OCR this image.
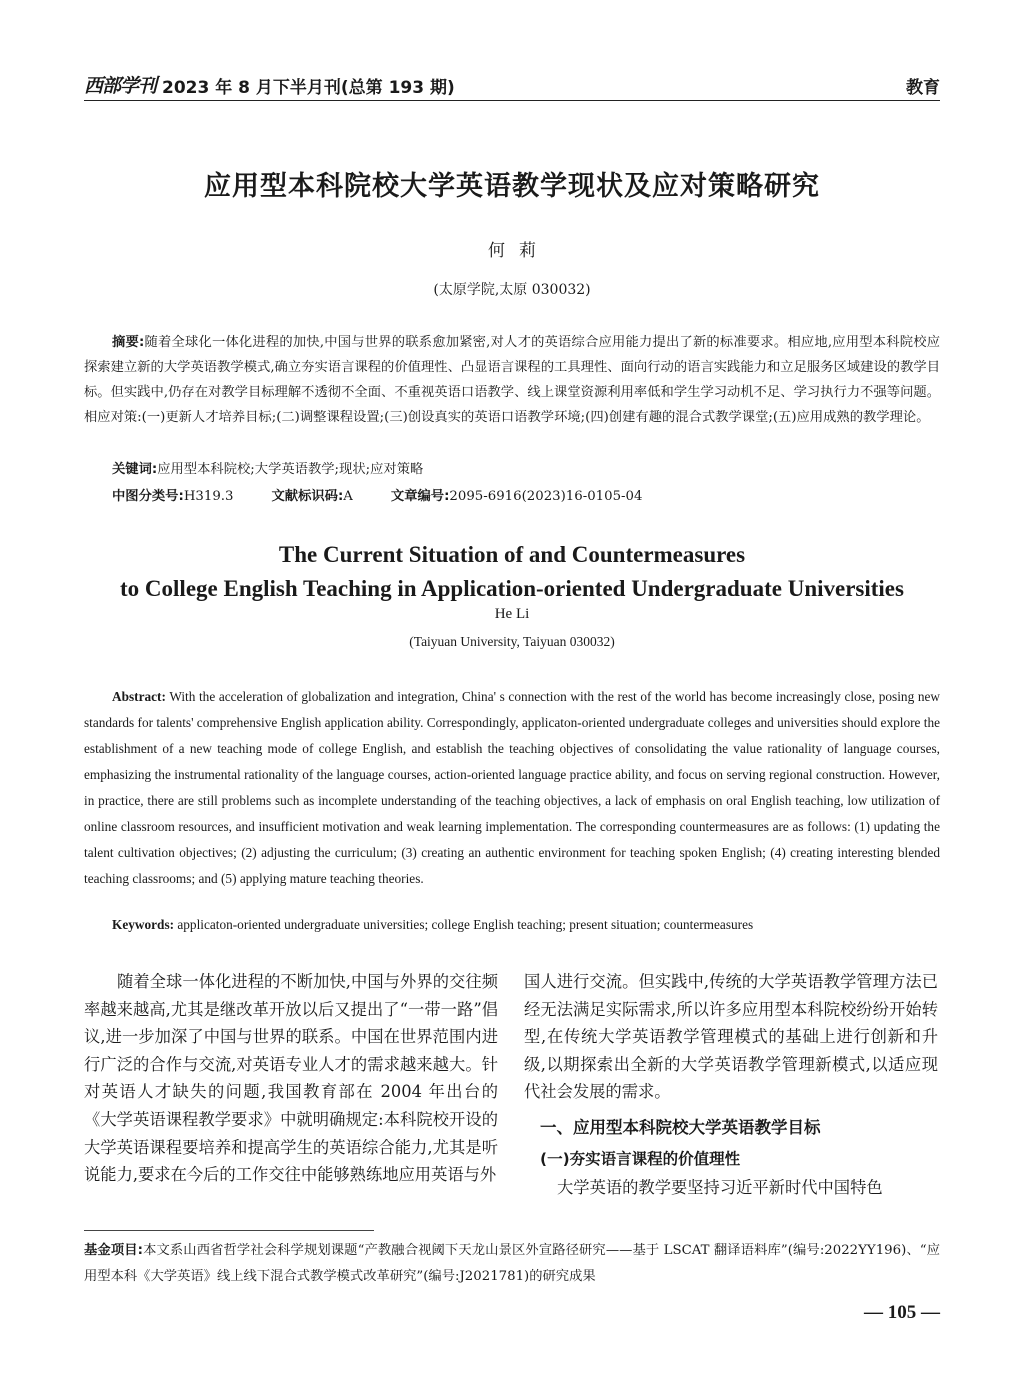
西部学刊 2023 年 8 月下半月刊(总第 193 期)	教育
应用型本科院校大学英语教学现状及应对策略研究
何莉
(太原学院,太原 030032)
摘要:随着全球化一体化进程的加快,中国与世界的联系愈加紧密,对人才的英语综合应用能力提出了新的标准要求。相应地,应用型本科院校应探索建立新的大学英语教学模式,确立夯实语言课程的价值理性、凸显语言课程的工具理性、面向行动的语言实践能力和立足服务区域建设的教学目标。但实践中,仍存在对教学目标理解不透彻不全面、不重视英语口语教学、线上课堂资源利用率低和学生学习动机不足、学习执行力不强等问题。相应对策:(一)更新人才培养目标;(二)调整课程设置;(三)创设真实的英语口语教学环境;(四)创建有趣的混合式教学课堂;(五)应用成熟的教学理论。
关键词:应用型本科院校;大学英语教学;现状;应对策略
中图分类号:H319.3	文献标识码:A	文章编号:2095-6916(2023)16-0105-04
The Current Situation of and Countermeasures
to College English Teaching in Application-oriented Undergraduate Universities
He Li
(Taiyuan University, Taiyuan 030032)
Abstract: With the acceleration of globalization and integration, China' s connection with the rest of the world has become increasingly close, posing new standards for talents' comprehensive English application ability. Correspondingly, applicaton-oriented undergraduate colleges and universities should explore the establishment of a new teaching mode of college English, and establish the teaching objectives of consolidating the value rationality of language courses, emphasizing the instrumental rationality of the language courses, action-oriented language practice ability, and focus on serving regional construction. However, in practice, there are still problems such as incomplete understanding of the teaching objectives, a lack of emphasis on oral English teaching, low utilization of online classroom resources, and insufficient motivation and weak learning implementation. The corresponding countermeasures are as follows: (1) updating the talent cultivation objectives; (2) adjusting the curriculum; (3) creating an authentic environment for teaching spoken English; (4) creating interesting blended teaching classrooms; and (5) applying mature teaching theories.
Keywords: applicaton-oriented undergraduate universities; college English teaching; present situation; countermeasures

随着全球一体化进程的不断加快,中国与外界的交往频率越来越高,尤其是继改革开放以后又提出了“一带一路”倡议,进一步加深了中国与世界的联系。中国在世界范围内进行广泛的合作与交流,对英语专业人才的需求越来越大。针对英语人才缺失的问题,我国教育部在 2004 年出台的《大学英语课程教学要求》中就明确规定:本科院校开设的大学英语课程要培养和提高学生的英语综合能力,尤其是听说能力,要求在今后的工作交往中能够熟练地应用英语与外

国人进行交流。但实践中,传统的大学英语教学管理方法已经无法满足实际需求,所以许多应用型本科院校纷纷开始转型,在传统大学英语教学管理模式的基础上进行创新和升级,以期探索出全新的大学英语教学管理新模式,以适应现代社会发展的需求。

一、应用型本科院校大学英语教学目标
(一)夯实语言课程的价值理性

大学英语的教学要坚持习近平新时代中国特色

基金项目:本文系山西省哲学社会科学规划课题“产教融合视阈下天龙山景区外宣路径研究——基于 LSCAT 翻译语料库”(编号:2022YY196)、“应用型本科《大学英语》线上线下混合式教学模式改革研究”(编号:J2021781)的研究成果
— 105 —
